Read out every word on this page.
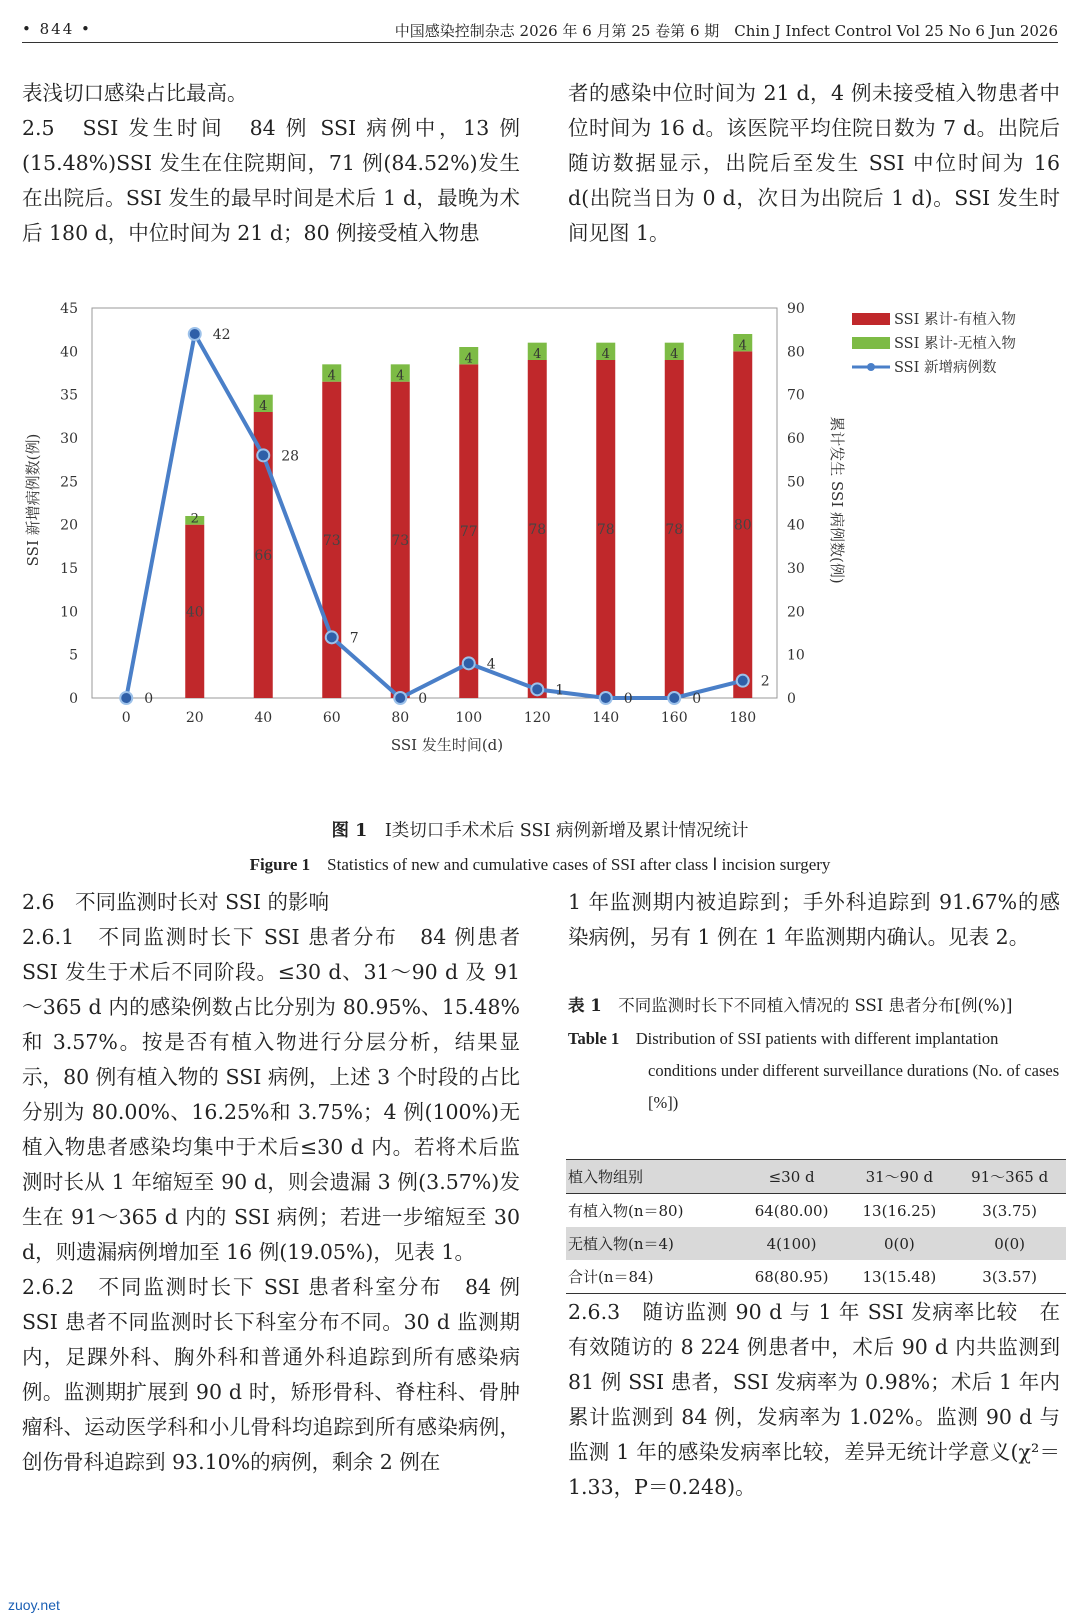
• 844 •	中国感染控制杂志 2026 年 6 月第 25 卷第 6 期　Chin J Infect Control Vol 25 No 6 Jun 2026

表浅切口感染占比最高。

2.5　SSI 发生时间　84 例 SSI 病例中，13 例(15.48%)SSI 发生在住院期间，71 例(84.52%)发生在出院后。SSI 发生的最早时间是术后 1 d，最晚为术后 180 d，中位时间为 21 d；80 例接受植入物患

者的感染中位时间为 21 d，4 例未接受植入物患者中位时间为 16 d。该医院平均住院日数为 7 d。出院后随访数据显示，出院后至发生 SSI 中位时间为 16 d(出院当日为 0 d，次日为出院后 1 d)。SSI 发生时间见图 1。

0
5
10
15
20
25
30
35
40
45
0
10
20
30
40
50
60
70
80
90
0	20	40	60	80	100	120	140	160	180
40
2
66
4
73
4
73
4
77
4
78
4
78
4
78
4
80
4
0
42
28
7
0
4
1
0	0
2
SSI 新增病例数(例)	累计发生 SSI 病例数(例)
SSI 发生时间(d)
SSI 累计-有植入物
SSI 累计-无植入物
SSI 新增病例数
图 1　 Ⅰ类切口手术术后 SSI 病例新增及累计情况统计
Figure 1　 Statistics of new and cumulative cases of SSI after class Ⅰ incision surgery

2.6　不同监测时长对 SSI 的影响

2.6.1　不同监测时长下 SSI 患者分布　84 例患者 SSI 发生于术后不同阶段。≤30 d、31～90 d 及 91～365 d 内的感染例数占比分别为 80.95%、15.48%和 3.57%。按是否有植入物进行分层分析，结果显示，80 例有植入物的 SSI 病例，上述 3 个时段的占比分别为 80.00%、16.25%和 3.75%；4 例(100%)无植入物患者感染均集中于术后≤30 d 内。若将术后监测时长从 1 年缩短至 90 d，则会遗漏 3 例(3.57%)发生在 91～365 d 内的 SSI 病例；若进一步缩短至 30 d，则遗漏病例增加至 16 例(19.05%)，见表 1。

2.6.2　不同监测时长下 SSI 患者科室分布　84 例 SSI 患者不同监测时长下科室分布不同。30 d 监测期内，足踝外科、胸外科和普通外科追踪到所有感染病例。监测期扩展到 90 d 时，矫形骨科、脊柱科、骨肿瘤科、运动医学科和小儿骨科均追踪到所有感染病例，创伤骨科追踪到 93.10%的病例，剩余 2 例在

1 年监测期内被追踪到；手外科追踪到 91.67%的感染病例，另有 1 例在 1 年监测期内确认。见表 2。

表 1　 不同监测时长下不同植入情况的 SSI 患者分布[例(%)]
Table 1　 Distribution of SSI patients with different implantation conditions under different surveillance durations (No. of cases [%])
植入物组别	≤30 d	31～90 d	91～365 d
有植入物(n＝80)	64(80.00)	13(16.25)	3(3.75)
无植入物(n＝4)	4(100)	0(0)	0(0)
合计(n＝84)	68(80.95)	13(15.48)	3(3.57)

2.6.3　随访监测 90 d 与 1 年 SSI 发病率比较　在有效随访的 8 224 例患者中，术后 90 d 内共监测到 81 例 SSI 患者，SSI 发病率为 0.98%；术后 1 年内累计监测到 84 例，发病率为 1.02%。监测 90 d 与监测 1 年的感染发病率比较，差异无统计学意义(χ²＝1.33，P＝0.248)。

zuoy.net
